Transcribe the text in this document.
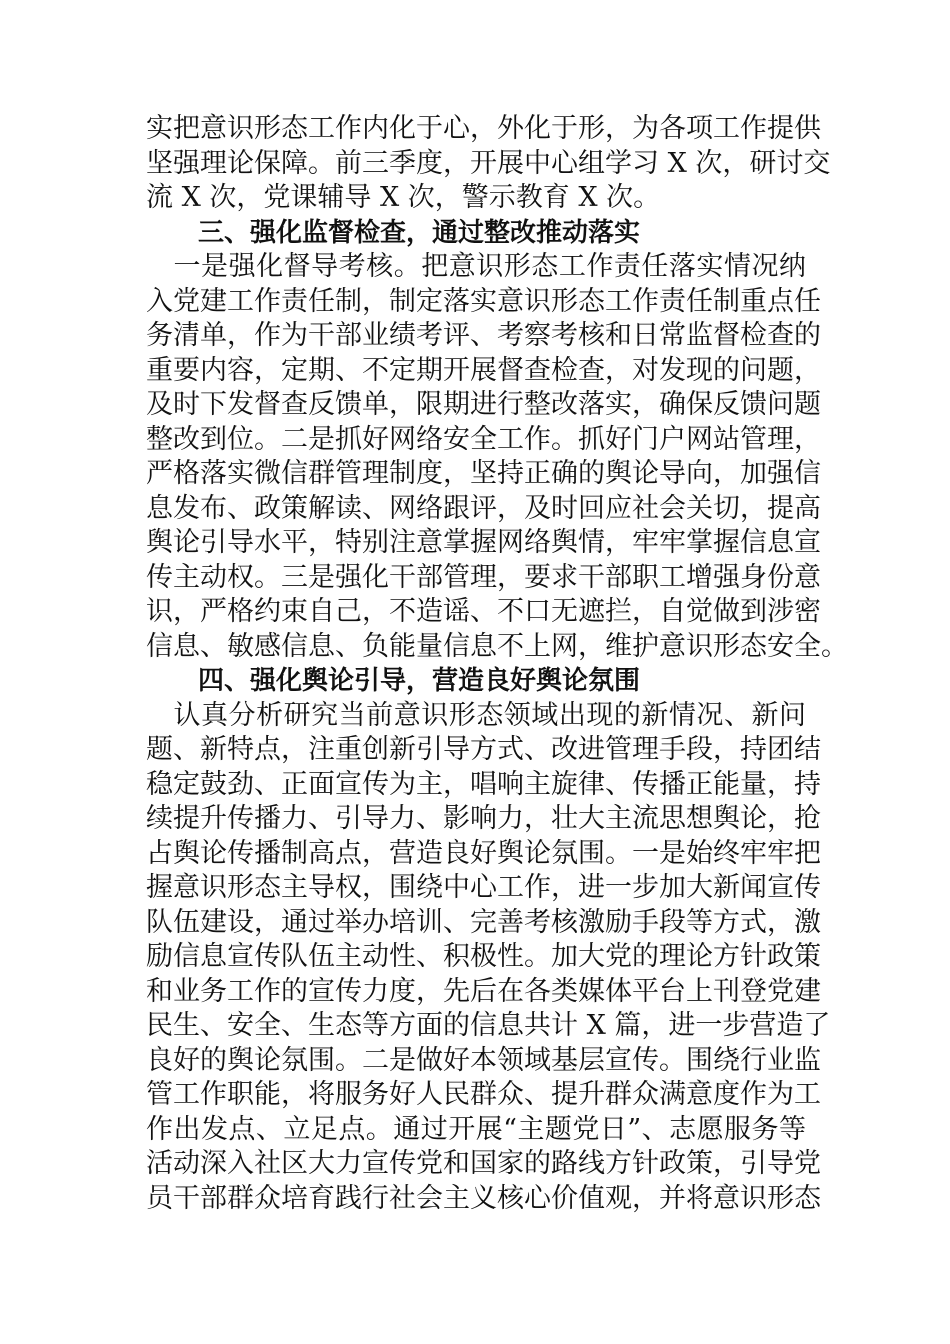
实把意识形态工作内化于心，外化于形，为各项工作提供
坚强理论保障。前三季度，开展中心组学习 X 次，研讨交
流 X 次，党课辅导 X 次，警示教育 X 次。
三、强化监督检查，通过整改推动落实
　一是强化督导考核。把意识形态工作责任落实情况纳
入党建工作责任制，制定落实意识形态工作责任制重点任
务清单，作为干部业绩考评、考察考核和日常监督检查的
重要内容，定期、不定期开展督查检查，对发现的问题，
及时下发督查反馈单，限期进行整改落实，确保反馈问题
整改到位。二是抓好网络安全工作。抓好门户网站管理，
严格落实微信群管理制度，坚持正确的舆论导向，加强信
息发布、政策解读、网络跟评，及时回应社会关切，提高
舆论引导水平，特别注意掌握网络舆情，牢牢掌握信息宣
传主动权。三是强化干部管理，要求干部职工增强身份意
识，严格约束自己，不造谣、不口无遮拦，自觉做到涉密
信息、敏感信息、负能量信息不上网，维护意识形态安全。
四、强化舆论引导，营造良好舆论氛围
　认真分析研究当前意识形态领域出现的新情况、新问
题、新特点，注重创新引导方式、改进管理手段，持团结
稳定鼓劲、正面宣传为主，唱响主旋律、传播正能量，持
续提升传播力、引导力、影响力，壮大主流思想舆论，抢
占舆论传播制高点，营造良好舆论氛围。一是始终牢牢把
握意识形态主导权，围绕中心工作，进一步加大新闻宣传
队伍建设，通过举办培训、完善考核激励手段等方式，激
励信息宣传队伍主动性、积极性。加大党的理论方针政策
和业务工作的宣传力度，先后在各类媒体平台上刊登党建
民生、安全、生态等方面的信息共计 X 篇，进一步营造了
良好的舆论氛围。二是做好本领域基层宣传。围绕行业监
管工作职能，将服务好人民群众、提升群众满意度作为工
作出发点、立足点。通过开展“主题党日”、志愿服务等
活动深入社区大力宣传党和国家的路线方针政策，引导党
员干部群众培育践行社会主义核心价值观，并将意识形态
